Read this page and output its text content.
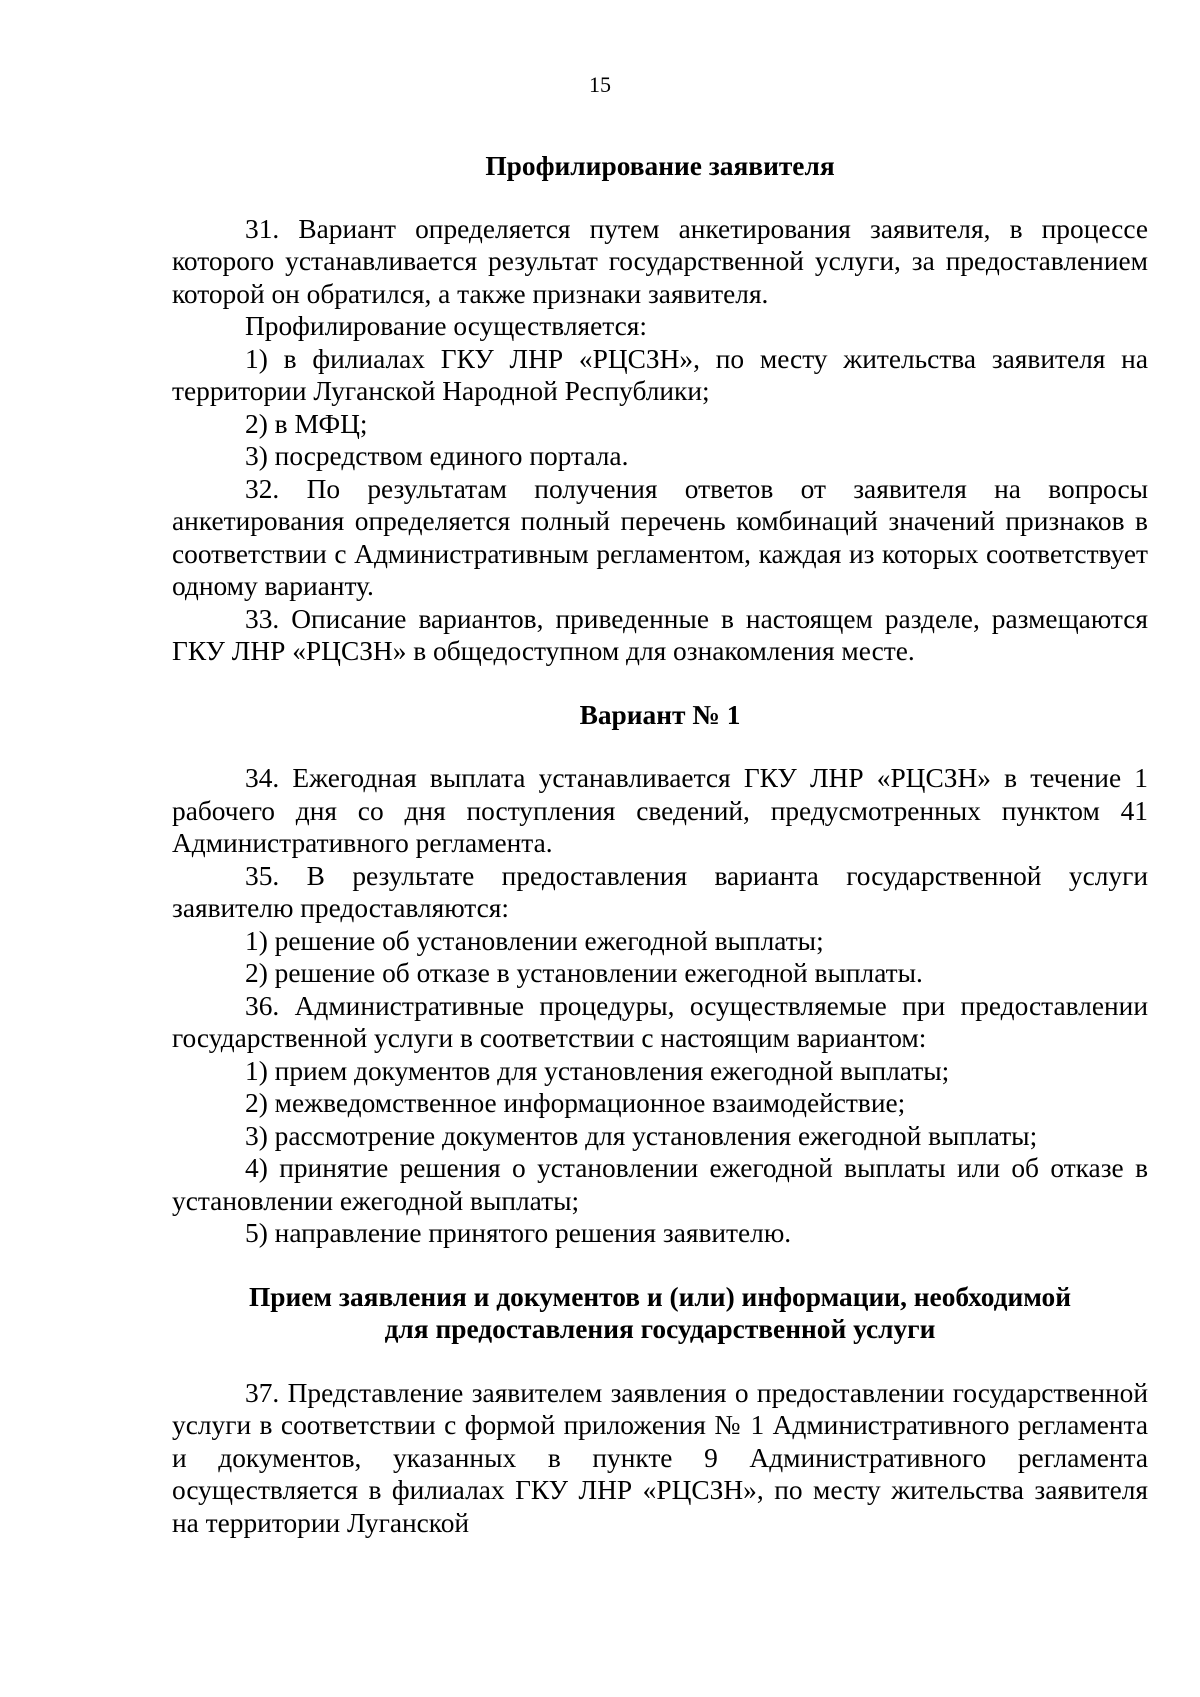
15

Профилирование заявителя

31. Вариант определяется путем анкетирования заявителя, в процессе которого устанавливается результат государственной услуги, за предоставлением которой он обратился, а также признаки заявителя.

Профилирование осуществляется:

1) в филиалах ГКУ ЛНР «РЦСЗН», по месту жительства заявителя на территории Луганской Народной Республики;

2) в МФЦ;

3) посредством единого портала.

32. По результатам получения ответов от заявителя на вопросы анкетирования определяется полный перечень комбинаций значений признаков в соответствии с Административным регламентом, каждая из которых соответствует одному варианту.

33. Описание вариантов, приведенные в настоящем разделе, размещаются ГКУ ЛНР «РЦСЗН» в общедоступном для ознакомления месте.

Вариант № 1

34. Ежегодная выплата устанавливается ГКУ ЛНР «РЦСЗН» в течение 1 рабочего дня со дня поступления сведений, предусмотренных пунктом 41 Административного регламента.

35. В результате предоставления варианта государственной услуги заявителю предоставляются:

1) решение об установлении ежегодной выплаты;

2) решение об отказе в установлении ежегодной выплаты.

36. Административные процедуры, осуществляемые при предоставлении государственной услуги в соответствии с настоящим вариантом:

1) прием документов для установления ежегодной выплаты;

2) межведомственное информационное взаимодействие;

3) рассмотрение документов для установления ежегодной выплаты;

4) принятие решения о установлении ежегодной выплаты или об отказе в установлении ежегодной выплаты;

5) направление принятого решения заявителю.

Прием заявления и документов и (или) информации, необходимой
для предоставления государственной услуги

37. Представление заявителем заявления о предоставлении государственной услуги в соответствии с формой приложения № 1 Административного регламента и документов, указанных в пункте 9 Административного регламента осуществляется в филиалах ГКУ ЛНР «РЦСЗН», по месту жительства заявителя на территории Луганской
